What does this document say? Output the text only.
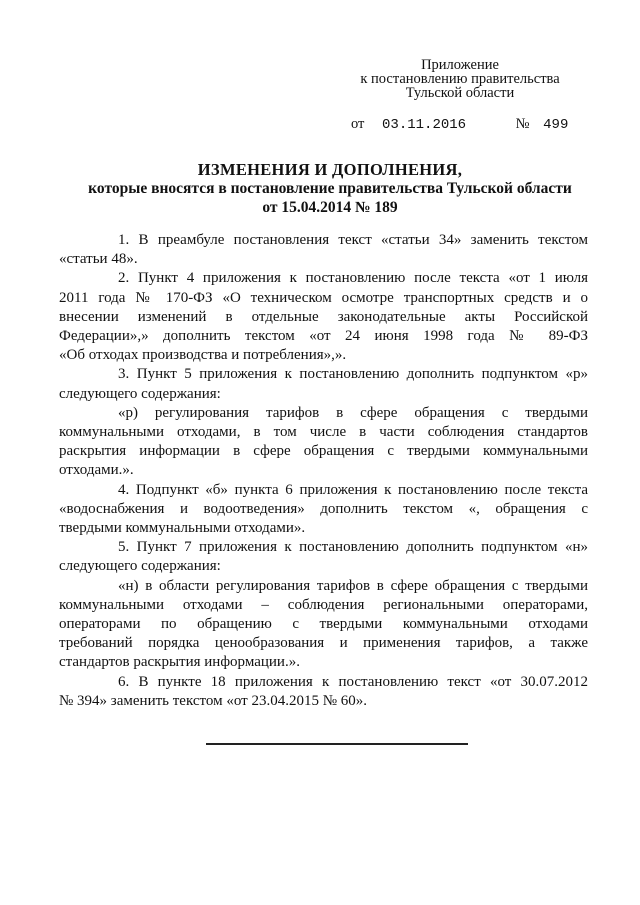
Приложение
к постановлению правительства
Тульской области
от 03.11.2016	№ 499
ИЗМЕНЕНИЯ И ДОПОЛНЕНИЯ,
которые вносятся в постановление правительства Тульской области
от 15.04.2014 № 189

1. В преамбуле постановления текст «статьи 34» заменить текстом
«статьи 48».

2. Пункт 4 приложения к постановлению после текста «от 1 июля
2011 года № 170-ФЗ «О техническом осмотре транспортных средств и о
внесении изменений в отдельные законодательные акты Российской
Федерации»,» дополнить текстом «от 24 июня 1998 года № 89-ФЗ
«Об отходах производства и потребления»,».

3. Пункт 5 приложения к постановлению дополнить подпунктом «р»
следующего содержания:

«р) регулирования тарифов в сфере обращения с твердыми
коммунальными отходами, в том числе в части соблюдения стандартов
раскрытия информации в сфере обращения с твердыми коммунальными
отходами.».

4. Подпункт «б» пункта 6 приложения к постановлению после текста
«водоснабжения и водоотведения» дополнить текстом «, обращения с
твердыми коммунальными отходами».

5. Пункт 7 приложения к постановлению дополнить подпунктом «н»
следующего содержания:

«н) в области регулирования тарифов в сфере обращения с твердыми
коммунальными отходами – соблюдения региональными операторами,
операторами по обращению с твердыми коммунальными отходами
требований порядка ценообразования и применения тарифов, а также
стандартов раскрытия информации.».

6. В пункте 18 приложения к постановлению текст «от 30.07.2012
№ 394» заменить текстом «от 23.04.2015 № 60».
